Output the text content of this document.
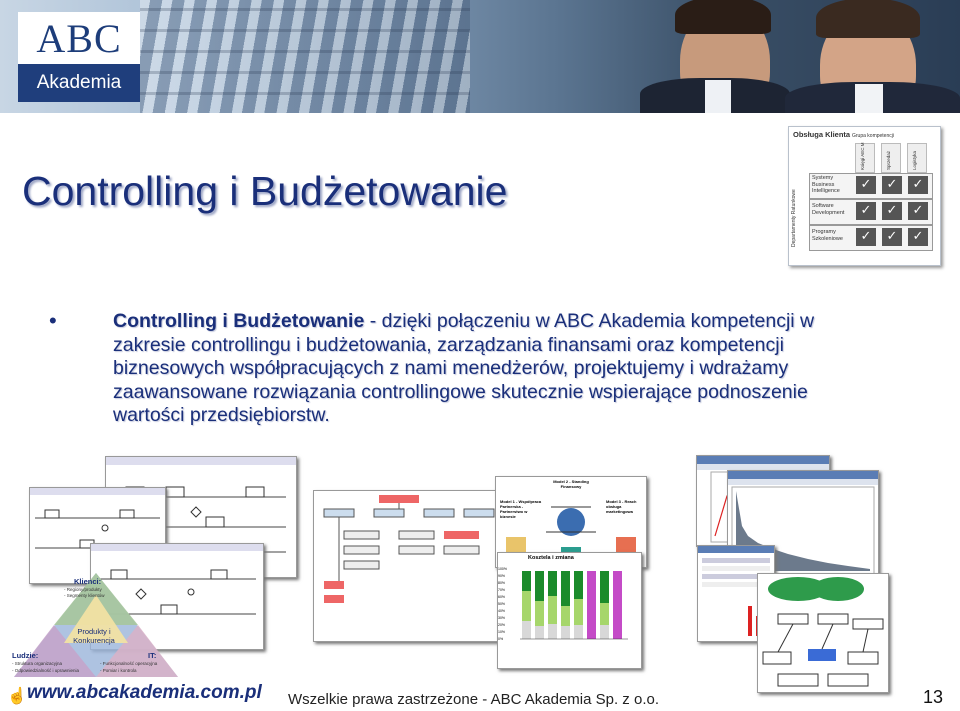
ABC
Akademia
Controlling i Budżetowanie
Obsługa Klienta Grupa kompetencji
Departamenty Ratunkowe
Księgi AEC M	Sprzedaż	Logistyka
Systemy Business Intelligence	✓	✓	✓
Software Development	✓	✓	✓
Programy Szkoleniowe	✓	✓	✓
•	Controlling i Budżetowanie - dzięki połączeniu w ABC Akademia kompetencji w zakresie controllingu i budżetowania, zarządzania finansami oraz kompetencji biznesowych współpracujących z nami menedżerów, projektujemy i wdrażamy zaawansowane rozwiązania controllingowe skutecznie wspierające podnoszenie wartości przedsiębiorstw.
Klienci:
- Regiony/produkty
- Segmenty klientów
Produkty i Konkurencja
Ludzie:
- Struktura organizacyjna
- Odpowiedzialność i uprawnienia
IT:
- Funkcjonalność operacyjna
- Pomiar i kontrola
Model 2 - Standing Finansowy
Model 1 - Współpraca Partnerska - Partnerstwo w biznesie
Model 3 - Reach obsługa marketingowa
Kosztela i zmiana
100%
90%
80%
70%
60%
50%
40%
30%
20%
10%
0%
☝ www.abcakademia.com.pl Wszelkie prawa zastrzeżone - ABC Akademia Sp. z o.o.	13
